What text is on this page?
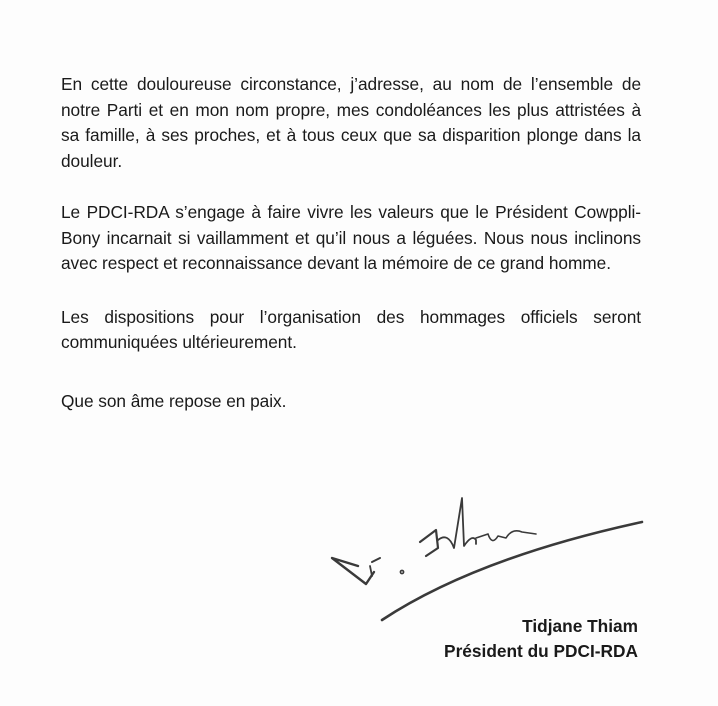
En cette douloureuse circonstance, j’adresse, au nom de l’ensemble de notre Parti et en mon nom propre, mes condoléances les plus attristées à sa famille, à ses proches, et à tous ceux que sa disparition plonge dans la douleur.

Le PDCI-RDA s’engage à faire vivre les valeurs que le Président Cowppli-Bony incarnait si vaillamment et qu’il nous a léguées. Nous nous inclinons avec respect et reconnaissance devant la mémoire de ce grand homme.

Les dispositions pour l’organisation des hommages officiels seront communiquées ultérieurement.

Que son âme repose en paix.

Tidjane Thiam
Président du PDCI-RDA
